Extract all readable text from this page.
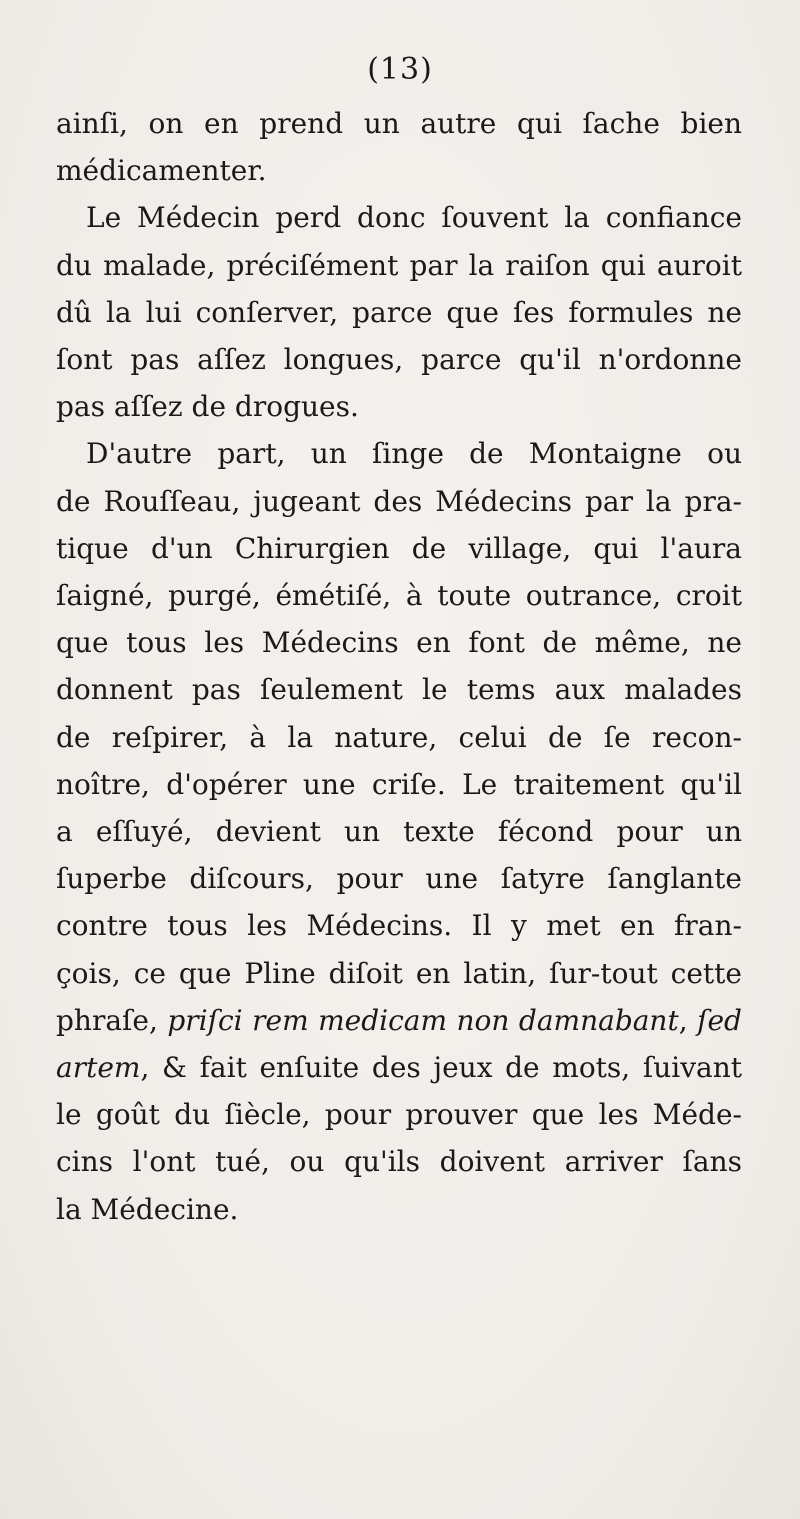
(13)
ainſi, on en prend un autre qui ſache bien
médicamenter.
Le Médecin perd donc ſouvent la confiance
du malade, préciſément par la raiſon qui auroit
dû la lui conſerver, parce que ſes formules ne
ſont pas aſſez longues, parce qu'il n'ordonne
pas aſſez de drogues.
D'autre part, un ſinge de Montaigne ou
de Rouſſeau, jugeant des Médecins par la pra-
tique d'un Chirurgien de village, qui l'aura
ſaigné, purgé, émétiſé, à toute outrance, croit
que tous les Médecins en font de même, ne
donnent pas ſeulement le tems aux malades
de reſpirer, à la nature, celui de ſe recon-
noître, d'opérer une criſe. Le traitement qu'il
a eſſuyé, devient un texte fécond pour un
ſuperbe diſcours, pour une ſatyre ſanglante
contre tous les Médecins. Il y met en fran-
çois, ce que Pline diſoit en latin, ſur-tout cette
phraſe, priſci rem medicam non damnabant, ſed
artem, & fait enſuite des jeux de mots, ſuivant
le goût du ſiècle, pour prouver que les Méde-
cins l'ont tué, ou qu'ils doivent arriver ſans
la Médecine.
